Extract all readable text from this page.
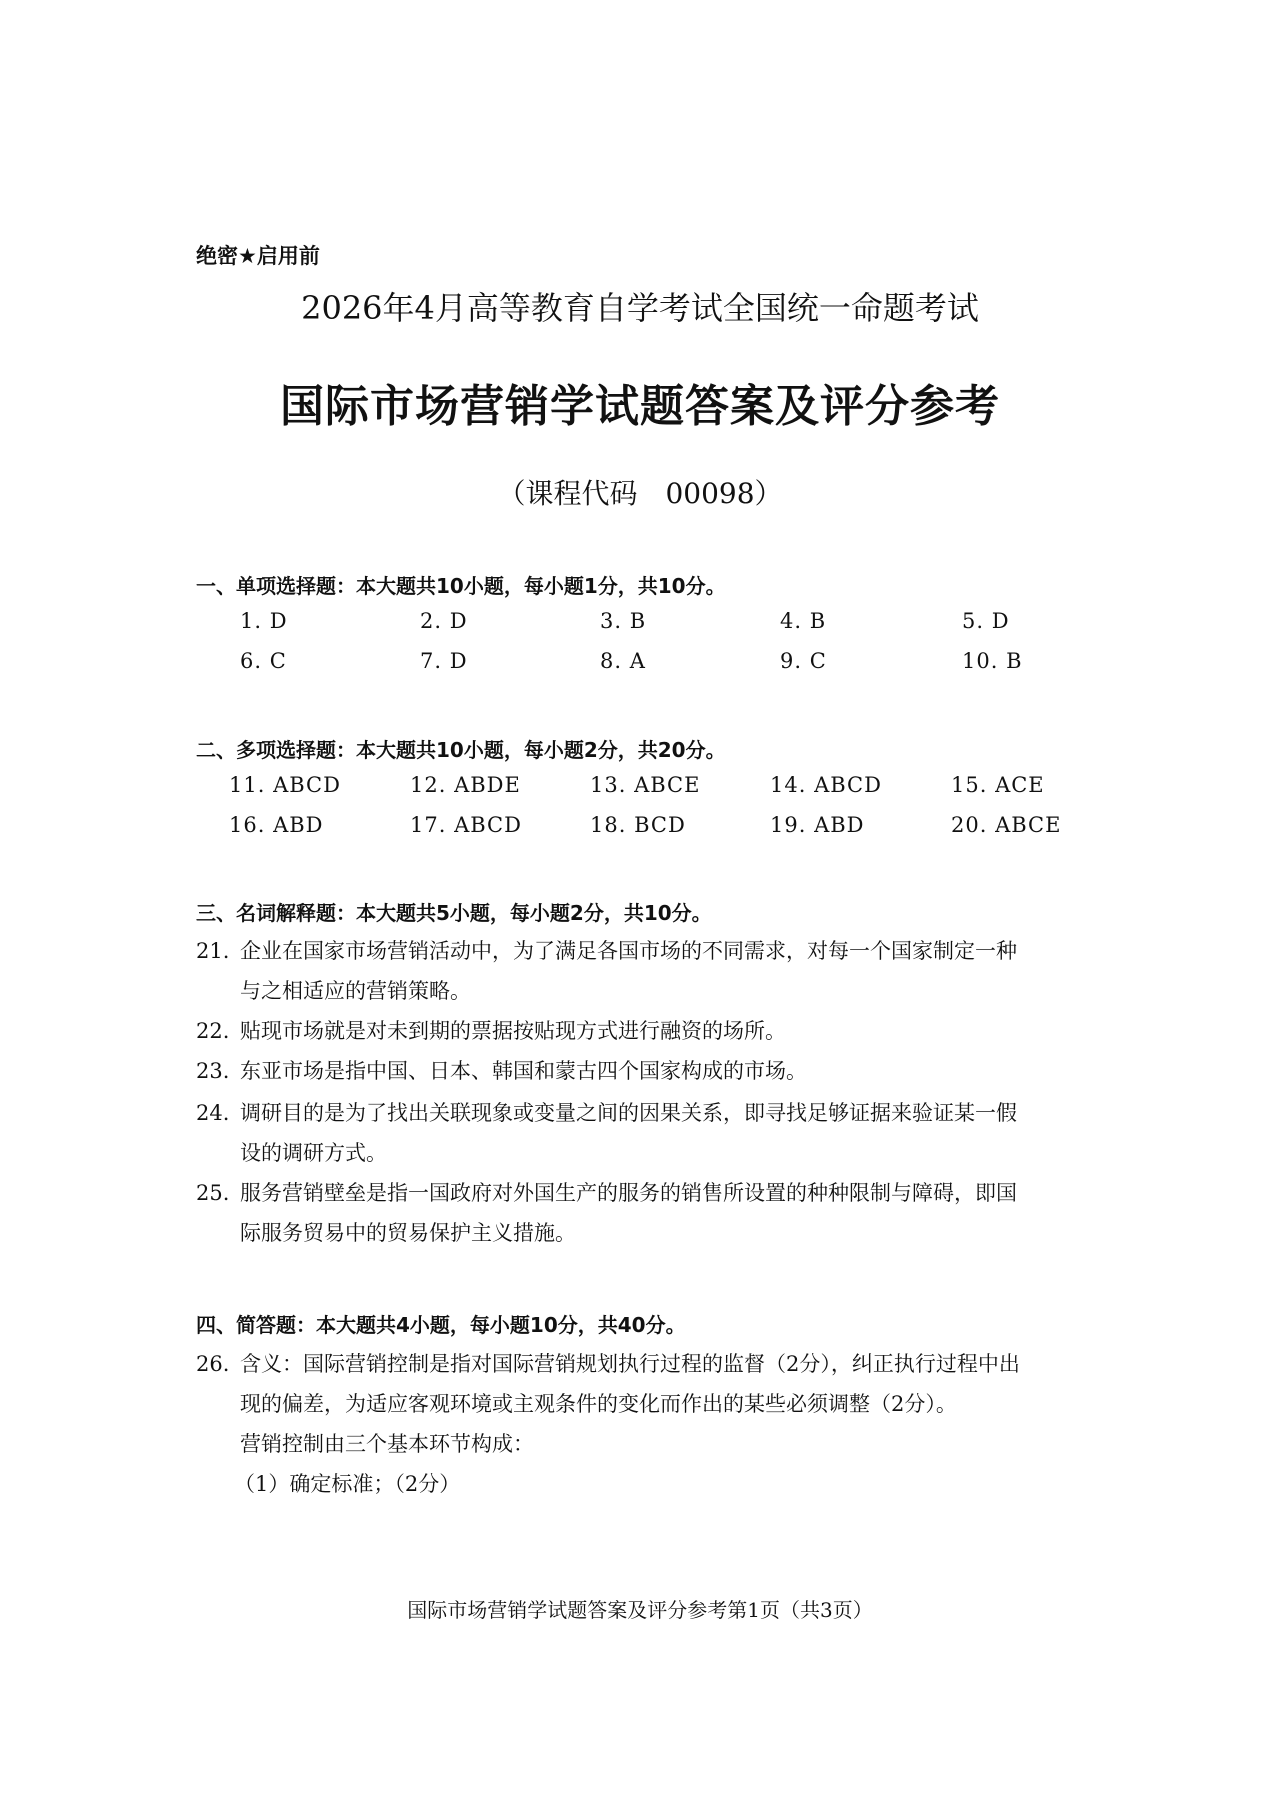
绝密★启用前
2026年4月高等教育自学考试全国统一命题考试
国际市场营销学试题答案及评分参考
（课程代码　00098）
一、单项选择题：本大题共10小题，每小题1分，共10分。
1. D	2. D	3. B	4. B	5. D
6. C	7. D	8. A	9. C	10. B
二、多项选择题：本大题共10小题，每小题2分，共20分。
11. ABCD	12. ABDE	13. ABCE	14. ABCD	15. ACE
16. ABD	17. ABCD	18. BCD	19. ABD	20. ABCE
三、名词解释题：本大题共5小题，每小题2分，共10分。
21. 企业在国家市场营销活动中，为了满足各国市场的不同需求，对每一个国家制定一种
与之相适应的营销策略。
22. 贴现市场就是对未到期的票据按贴现方式进行融资的场所。
23. 东亚市场是指中国、日本、韩国和蒙古四个国家构成的市场。
24. 调研目的是为了找出关联现象或变量之间的因果关系，即寻找足够证据来验证某一假
设的调研方式。
25. 服务营销壁垒是指一国政府对外国生产的服务的销售所设置的种种限制与障碍，即国
际服务贸易中的贸易保护主义措施。
四、简答题：本大题共4小题，每小题10分，共40分。
26. 含义：国际营销控制是指对国际营销规划执行过程的监督（2分），纠正执行过程中出
现的偏差，为适应客观环境或主观条件的变化而作出的某些必须调整（2分）。
营销控制由三个基本环节构成：
（1）确定标准；（2分）
国际市场营销学试题答案及评分参考第1页（共3页）
